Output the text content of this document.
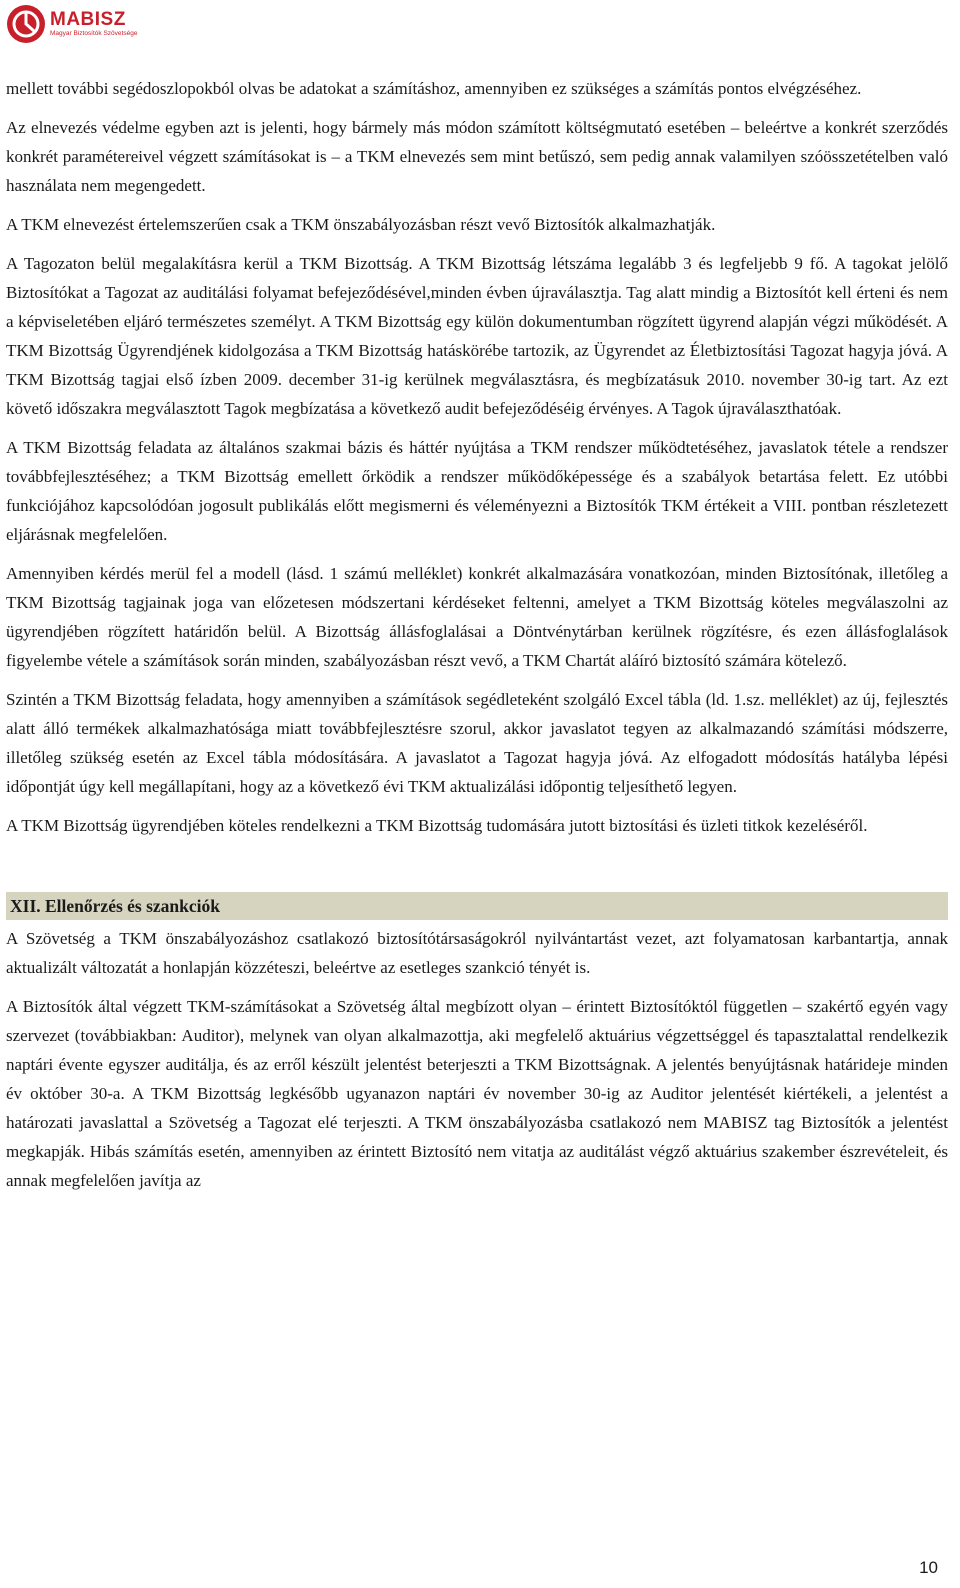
MABISZ
Magyar Biztosítók Szövetsége

mellett további segédoszlopokból olvas be adatokat a számításhoz, amennyiben ez szükséges a számítás pontos elvégzéséhez.

Az elnevezés védelme egyben azt is jelenti, hogy bármely más módon számított költségmutató esetében – beleértve a konkrét szerződés konkrét paramétereivel végzett számításokat is – a TKM elnevezés sem mint betűszó, sem pedig annak valamilyen szóösszetételben való használata nem megengedett.

A TKM elnevezést értelemszerűen csak a TKM önszabályozásban részt vevő Biztosítók alkalmazhatják.

A Tagozaton belül megalakításra kerül a TKM Bizottság. A TKM Bizottság létszáma legalább 3 és legfeljebb 9 fő. A tagokat jelölő Biztosítókat a Tagozat az auditálási folyamat befejeződésével,minden évben újraválasztja. Tag alatt mindig a Biztosítót kell érteni és nem a képviseletében eljáró természetes személyt. A TKM Bizottság egy külön dokumentumban rögzített ügyrend alapján végzi működését. A TKM Bizottság Ügyrendjének kidolgozása a TKM Bizottság hatáskörébe tartozik, az Ügyrendet az Életbiztosítási Tagozat hagyja jóvá. A TKM Bizottság tagjai első ízben 2009. december 31-ig kerülnek megválasztásra, és megbízatásuk 2010. november 30-ig tart. Az ezt követő időszakra megválasztott Tagok megbízatása a következő audit befejeződéséig érvényes. A Tagok újraválaszthatóak.

A TKM Bizottság feladata az általános szakmai bázis és háttér nyújtása a TKM rendszer működtetéséhez, javaslatok tétele a rendszer továbbfejlesztéséhez; a TKM Bizottság emellett őrködik a rendszer működőképessége és a szabályok betartása felett. Ez utóbbi funkciójához kapcsolódóan jogosult publikálás előtt megismerni és véleményezni a Biztosítók TKM értékeit a VIII. pontban részletezett eljárásnak megfelelően.

Amennyiben kérdés merül fel a modell (lásd. 1 számú melléklet) konkrét alkalmazására vonatkozóan, minden Biztosítónak, illetőleg a TKM Bizottság tagjainak joga van előzetesen módszertani kérdéseket feltenni, amelyet a TKM Bizottság köteles megválaszolni az ügyrendjében rögzített határidőn belül. A Bizottság állásfoglalásai a Döntvénytárban kerülnek rögzítésre, és ezen állásfoglalások figyelembe vétele a számítások során minden, szabályozásban részt vevő, a TKM Chartát aláíró biztosító számára kötelező.

Szintén a TKM Bizottság feladata, hogy amennyiben a számítások segédleteként szolgáló Excel tábla (ld. 1.sz. melléklet) az új, fejlesztés alatt álló termékek alkalmazhatósága miatt továbbfejlesztésre szorul, akkor javaslatot tegyen az alkalmazandó számítási módszerre, illetőleg szükség esetén az Excel tábla módosítására. A javaslatot a Tagozat hagyja jóvá. Az elfogadott módosítás hatályba lépési időpontját úgy kell megállapítani, hogy az a következő évi TKM aktualizálási időpontig teljesíthető legyen.

A TKM Bizottság ügyrendjében köteles rendelkezni a TKM Bizottság tudomására jutott biztosítási és üzleti titkok kezeléséről.

XII. Ellenőrzés és szankciók

A Szövetség a TKM önszabályozáshoz csatlakozó biztosítótársaságokról nyilvántartást vezet, azt folyamatosan karbantartja, annak aktualizált változatát a honlapján közzéteszi, beleértve az esetleges szankció tényét is.

A Biztosítók által végzett TKM-számításokat a Szövetség által megbízott olyan – érintett Biztosítóktól független – szakértő egyén vagy szervezet (továbbiakban: Auditor), melynek van olyan alkalmazottja, aki megfelelő aktuárius végzettséggel és tapasztalattal rendelkezik naptári évente egyszer auditálja, és az erről készült jelentést beterjeszti a TKM Bizottságnak. A jelentés benyújtásnak határideje minden év október 30-a. A TKM Bizottság legkésőbb ugyanazon naptári év november 30-ig az Auditor jelentését kiértékeli, a jelentést a határozati javaslattal a Szövetség a Tagozat elé terjeszti. A TKM önszabályozásba csatlakozó nem MABISZ tag Biztosítók a jelentést megkapják. Hibás számítás esetén, amennyiben az érintett Biztosító nem vitatja az auditálást végző aktuárius szakember észrevételeit, és annak megfelelően javítja az

10
